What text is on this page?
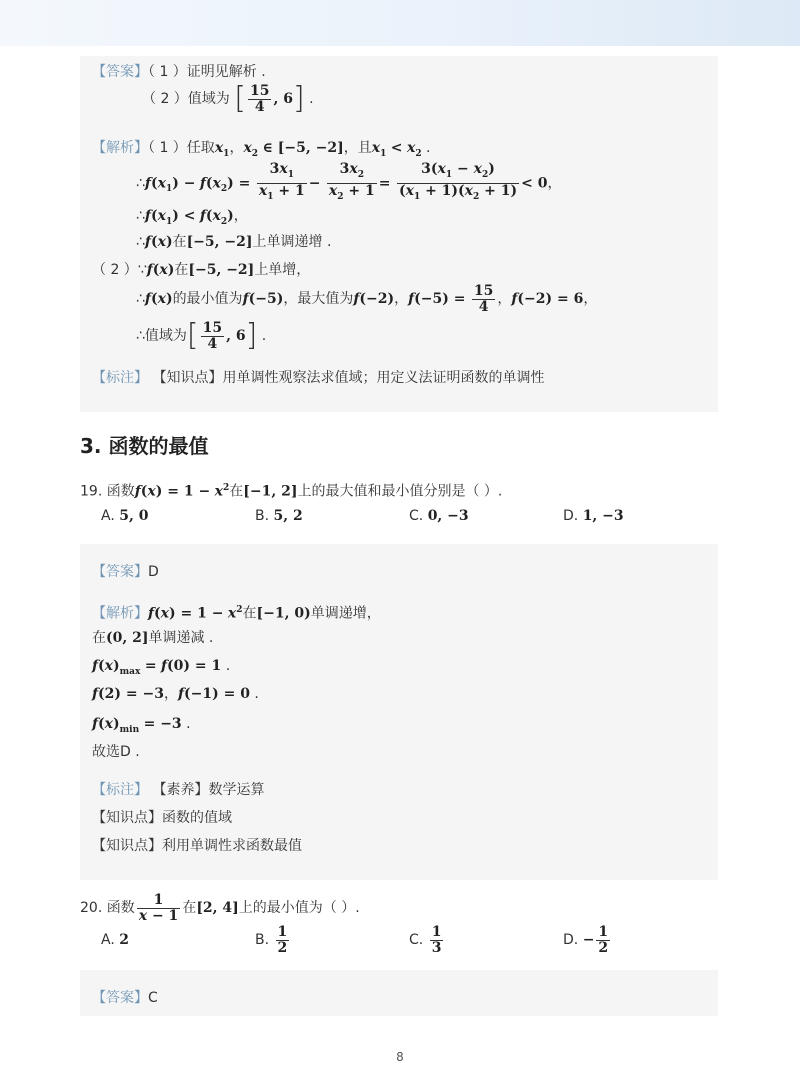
【答案】（ 1 ）证明见解析 .
（ 2 ）值域为 [ $\frac{15}{4}$ , 6] .
【解析】（ 1 ）任取$x_1$，$x_2$ ∈ [−5, −2]，且$x_1 < x_2$ .
$\therefore f(x_1) - f(x_2) = \frac{3x_1}{x_1 + 1} - \frac{3x_2}{x_2 + 1} = \frac{3(x_1 - x_2)}{(x_1 + 1)(x_2 + 1)} < 0$，
$\therefore f(x_1) < f(x_2)$，
∴f(x)在[−5, −2]上单调递增 .
（ 2 ）∵f(x)在[−5, −2]上单增，
∴f(x)的最小值为f(−5)，最大值为f(−2)，$f(-5) = \frac{15}{4}$ ，f(−2) = 6，
∴值域为[ $\frac{15}{4}$ , 6] .
【标注】 【知识点】用单调性观察法求值域；用定义法证明函数的单调性
3. 函数的最值
19. 函数$f(x) = 1 - x^2$在[−1, 2]上的最大值和最小值分别是（ ）.
A. 5, 0	B. 5, 2	C. 0, −3	D. 1, −3
【答案】D
【解析】$f(x) = 1 - x^2$在[−1, 0)单调递增，
在(0, 2]单调递减 .
$f(x)_{max} = f(0) = 1$ .
f(2) = −3，f(−1) = 0 .
$f(x)_{min} = -3$ .
故选D .
【标注】 【素养】数学运算
【知识点】函数的值域
【知识点】利用单调性求函数最值
20. 函数 $\frac{1}{x - 1}$ 在[2, 4]上的最小值为（ ）.
A. 2	B. $\frac{1}{2}$	C. $\frac{1}{3}$	D. − $\frac{1}{2}$
【答案】C
8
